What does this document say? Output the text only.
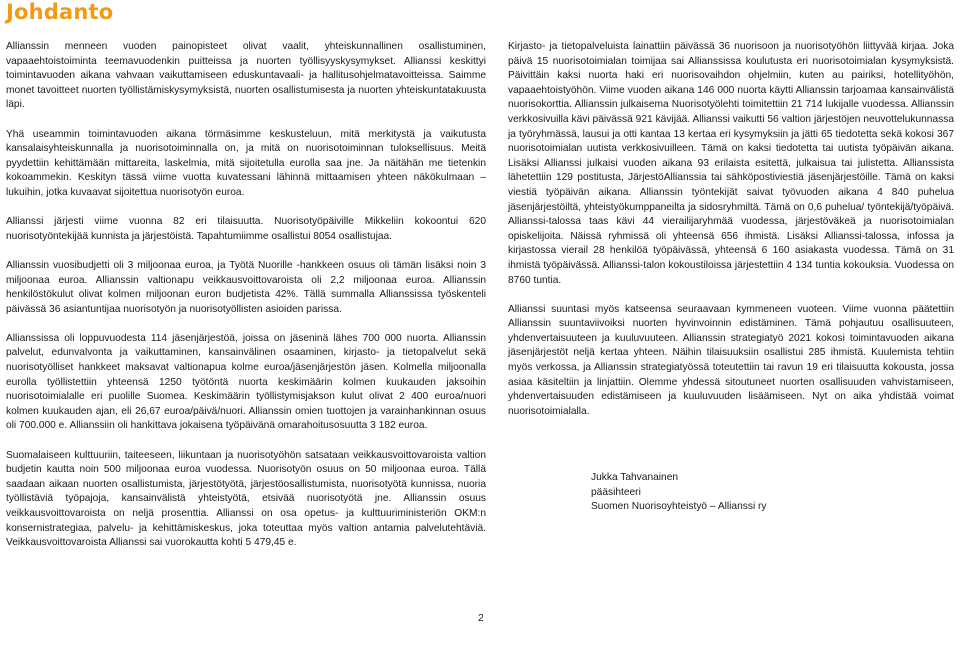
Johdanto

Allianssin menneen vuoden painopisteet olivat vaalit, yhteiskunnallinen osallistuminen, vapaaehtoistoiminta teemavuodenkin puitteissa ja nuorten työllisyyskysymykset. Allianssi keskittyi toimintavuoden aikana vahvaan vaikuttamiseen eduskuntavaali- ja hallitusohjelmatavoitteissa. Saimme monet tavoitteet nuorten työllistämiskysymyksistä, nuorten osallistumisesta ja nuorten yhteiskuntatakuusta läpi.

Yhä useammin toimintavuoden aikana törmäsimme keskusteluun, mitä merkitystä ja vaikutusta kansalaisyhteiskunnalla ja nuorisotoiminnalla on, ja mitä on nuorisotoiminnan tuloksellisuus. Meitä pyydettiin kehittämään mittareita, laskelmia, mitä sijoitetulla eurolla saa jne. Ja näitähän me tietenkin kokoammekin. Keskityn tässä viime vuotta kuvatessani lähinnä mittaamisen yhteen näkökulmaan – lukuihin, jotka kuvaavat sijoitettua nuorisotyön euroa.

Allianssi järjesti viime vuonna 82 eri tilaisuutta. Nuorisotyöpäiville Mikkeliin kokoontui 620 nuorisotyöntekijää kunnista ja järjestöistä. Tapahtumiimme osallistui 8054 osallistujaa.

Allianssin vuosibudjetti oli 3 miljoonaa euroa, ja Työtä Nuorille -hankkeen osuus oli tämän lisäksi noin 3 miljoonaa euroa. Allianssin valtionapu veikkausvoittovaroista oli 2,2 miljoonaa euroa. Allianssin henkilöstökulut olivat kolmen miljoonan euron budjetista 42%. Tällä summalla Allianssissa työskenteli päivässä 36 asiantuntijaa nuorisotyön ja nuorisotyöllisten asioiden parissa.

Allianssissa oli loppuvuodesta 114 jäsenjärjestöä, joissa on jäseninä lähes 700 000 nuorta. Allianssin palvelut, edunvalvonta ja vaikuttaminen, kansainvälinen osaaminen, kirjasto- ja tietopalvelut sekä nuorisotyölliset hankkeet maksavat valtionapua kolme euroa/jäsenjärjestön jäsen. Kolmella miljoonalla eurolla työllistettiin yhteensä 1250 työtöntä nuorta keskimäärin kolmen kuukauden jaksoihin nuorisotoimialalle eri puolille Suomea. Keskimäärin työllistymisjakson kulut olivat 2 400 euroa/nuori kolmen kuukauden ajan, eli 26,67 euroa/päivä/nuori. Allianssin omien tuottojen ja varainhankinnan osuus oli 700.000 e. Allianssiin oli hankittava jokaisena työpäivänä omarahoitusosuutta 3 182 euroa.

Suomalaiseen kulttuuriin, taiteeseen, liikuntaan ja nuorisotyöhön satsataan veikkausvoittovaroista valtion budjetin kautta noin 500 miljoonaa euroa vuodessa. Nuorisotyön osuus on 50 miljoonaa euroa. Tällä saadaan aikaan nuorten osallistumista, järjestötyötä, järjestöosallistumista, nuorisotyötä kunnissa, nuoria työllistäviä työpajoja, kansainvälistä yhteistyötä, etsivää nuorisotyötä jne. Allianssin osuus veikkausvoittovaroista on neljä prosenttia. Allianssi on osa opetus- ja kulttuuriministeriön OKM:n konsernistrategiaa, palvelu- ja kehittämiskeskus, joka toteuttaa myös valtion antamia palvelutehtäviä. Veikkausvoittovaroista Allianssi sai vuorokautta kohti 5 479,45 e.

Kirjasto- ja tietopalveluista lainattiin päivässä 36 nuorisoon ja nuorisotyöhön liittyvää kirjaa. Joka päivä 15 nuorisotoimialan toimijaa sai Allianssissa koulutusta eri nuorisotoimialan kysymyksistä. Päivittäin kaksi nuorta haki eri nuorisovaihdon ohjelmiin, kuten au pairiksi, hotellityöhön, vapaaehtoistyöhön. Viime vuoden aikana 146 000 nuorta käytti Allianssin tarjoamaa kansainvälistä nuorisokorttia. Allianssin julkaisema Nuorisotyölehti toimitettiin 21 714 lukijalle vuodessa. Allianssin verkkosivuilla kävi päivässä 921 kävijää. Allianssi vaikutti 56 valtion järjestöjen neuvottelukunnassa ja työryhmässä, lausui ja otti kantaa 13 kertaa eri kysymyksiin ja jätti 65 tiedotetta sekä kokosi 367 nuorisotoimialan uutista verkkosivuilleen. Tämä on kaksi tiedotetta tai uutista työpäivän aikana. Lisäksi Allianssi julkaisi vuoden aikana 93 erilaista esitettä, julkaisua tai julistetta. Allianssista lähetettiin 129 postitusta, JärjestöAllianssia tai sähköpostiviestiä jäsenjärjestöille. Tämä on kaksi viestiä työpäivän aikana. Allianssin työntekijät saivat työvuoden aikana 4 840 puhelua jäsenjärjestöiltä, yhteistyökumppaneilta ja sidosryhmiltä. Tämä on 0,6 puhelua/ työntekijä/työpäivä. Allianssi-talossa taas kävi 44 vierailijaryhmää vuodessa, järjestövä​keä ja nuorisotoimialan opiskelijoita. Näissä ryhmissä oli yhteensä 656 ihmistä. Lisäksi Allianssi-talossa, infossa ja kirjastossa vierail 28 henkilöä työpäivässä, yhteensä 6 160 asiakasta vuodessa. Tämä on 31 ihmistä työpäivässä. Allianssi-talon kokoustiloissa järjestettiin 4 134 tuntia kokouksia. Vuodessa on 8760 tuntia.

Allianssi suuntasi myös katseensa seuraavaan kymmeneen vuoteen. Viime vuonna päätettiin Allianssin suuntaviivoiksi nuorten hyvinvoinnin edistäminen. Tämä pohjautuu osallisuuteen, yhdenvertaisuuteen ja kuuluvuuteen. Allianssin strategiatyö 2021 kokosi toimintavuoden aikana jäsenjärjestöt neljä kertaa yhteen. Näihin tilaisuuksiin osallistui 285 ihmistä. Kuulemista tehtiin myös verkossa, ja Allianssin strategiatyössä toteutettiin tai ravun 19 eri tilaisuutta kokousta, jossa asiaa käsiteltiin ja linjattiin. Olemme yhdessä sitoutuneet nuorten osallisuuden vahvistamiseen, yhdenvertaisuuden edistämiseen ja kuuluvuuden lisäämiseen. Nyt on aika yhdistää voimat nuorisotoimialalla.

Jukka Tahvanainen
pääsihteeri
Suomen Nuorisoyhteistyö – Allianssi ry
2
